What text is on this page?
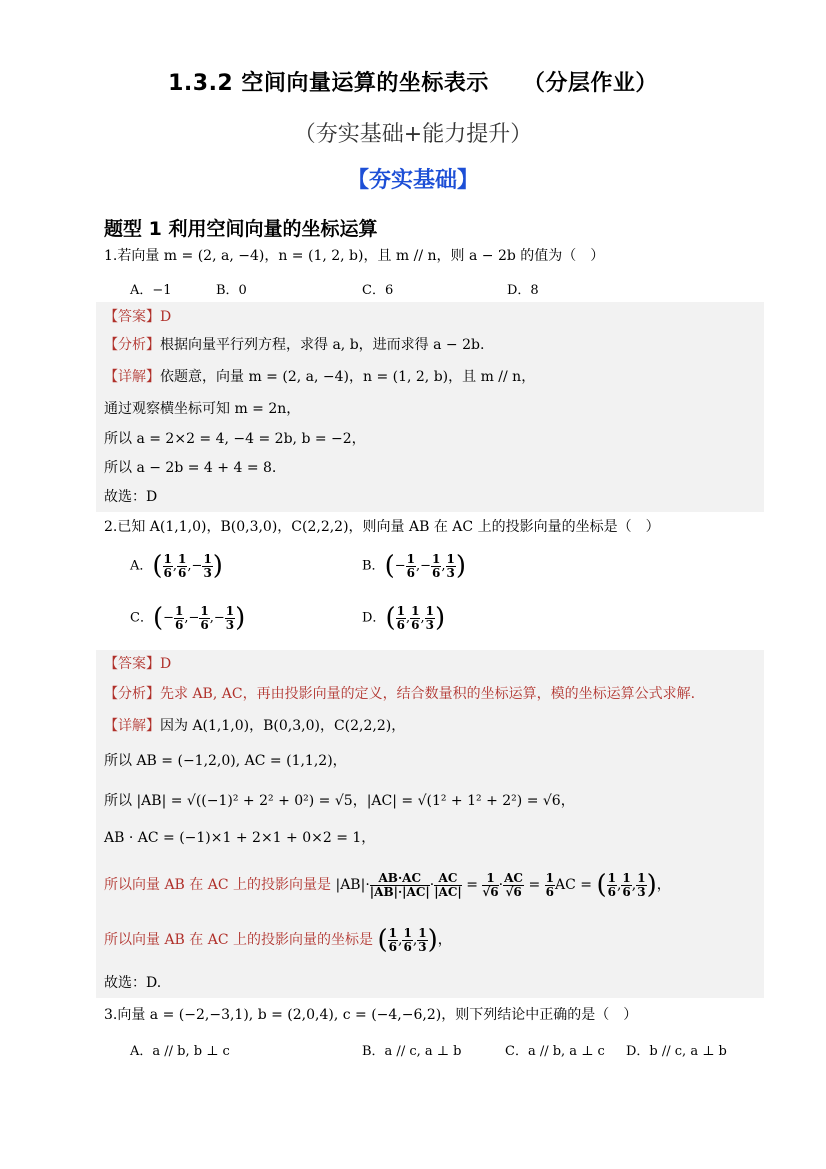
1.3.2 空间向量运算的坐标表示　　（分层作业）
（夯实基础+能力提升）
【夯实基础】
题型 1 利用空间向量的坐标运算
1.若向量 m = (2, a, −4)，n = (1, 2, b)，且 m // n，则 a − 2b 的值为（　）
A．−1	B．0	C．6	D．8
【答案】D
【分析】根据向量平行列方程，求得 a, b，进而求得 a − 2b.
【详解】依题意，向量 m = (2, a, −4)，n = (1, 2, b)，且 m // n，
通过观察横坐标可知 m = 2n，
所以 a = 2×2 = 4, −4 = 2b, b = −2，
所以 a − 2b = 4 + 4 = 8.
故选：D
2.已知 A(1,1,0)，B(0,3,0)，C(2,2,2)，则向量 AB 在 AC 上的投影向量的坐标是（　）
A．( $\frac{1}{6}$ , $\frac{1}{6}$ ,− $\frac{1}{3}$ )	B．(− $\frac{1}{6}$ ,− $\frac{1}{6}$ , $\frac{1}{3}$ )
C．(− $\frac{1}{6}$ ,− $\frac{1}{6}$ ,− $\frac{1}{3}$ )	D．( $\frac{1}{6}$ , $\frac{1}{6}$ , $\frac{1}{3}$ )
【答案】D
【分析】先求 AB, AC，再由投影向量的定义，结合数量积的坐标运算，模的坐标运算公式求解.
【详解】因为 A(1,1,0)，B(0,3,0)，C(2,2,2)，
所以 AB = (−1,2,0), AC = (1,1,2)，
所以 |AB| = √((−1)² + 2² + 0²) = √5，|AC| = √(1² + 1² + 2²) = √6，
AB · AC = (−1)×1 + 2×1 + 0×2 = 1，
所以向量 AB 在 AC 上的投影向量是 $|AB|\cdot \frac{AB\cdot AC}{|AB|\cdot|AC|} \cdot \frac{AC}{|AC|} = \frac{1}{√6} \cdot \frac{AC}{√6} = \frac{1}{6}$ AC = ( $\frac{1}{6}$ , $\frac{1}{6}$ , $\frac{1}{3}$ )，
所以向量 AB 在 AC 上的投影向量的坐标是 ( $\frac{1}{6}$ , $\frac{1}{6}$ , $\frac{1}{3}$ )，
故选：D.
3.向量 a = (−2,−3,1), b = (2,0,4), c = (−4,−6,2)，则下列结论中正确的是（　）
A．a // b, b ⊥ c	B．a // c, a ⊥ b	C．a // b, a ⊥ c D．b // c, a ⊥ b
